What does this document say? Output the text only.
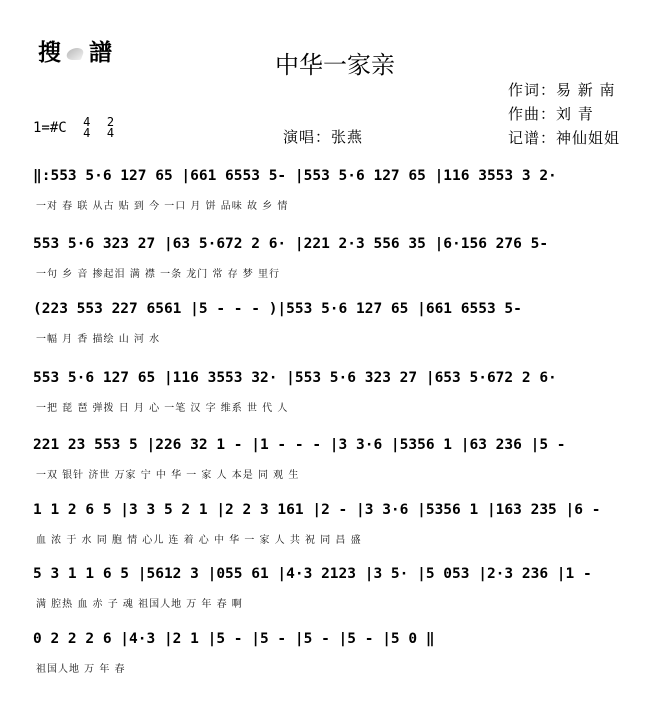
搜 譜	中华一家亲
作词：易 新 南
作曲：刘 青
记谱：神仙姐姐
1=#C 4
4 2
4	演唱：张燕
‖:553 5·6 127 65 |661 6553 5- |553 5·6 127 65 |116 3553 3 2·
一对 春 联 从古 贴 到 今 一口 月 饼 品味 故 乡 情
553 5·6 323 27 |63 5·672 2 6· |221 2·3 556 35 |6·156 276 5-
一句 乡 音 掺起泪 满 襟 一条 龙门 常 存 梦 里行
(223 553 227 6561 |5 - - - )|553 5·6 127 65 |661 6553 5-
一幅 月 香 描绘 山 河 水
553 5·6 127 65 |116 3553 32· |553 5·6 323 27 |653 5·672 2 6·
一把 琵 琶 弹拨 日 月 心 一笔 汉 字 维系 世 代 人
221 23 553 5 |226 32 1 - |1 - - - |3 3·6 |5356 1 |63 236 |5 -
一双 银针 济世 万家 宁 中 华 一 家 人 本是 同 观 生
1 1 2 6 5 |3 3 5 2 1 |2 2 3 161 |2 - |3 3·6 |5356 1 |163 235 |6 -
血 浓 于 水 同 胞 情 心儿 连 着 心 中 华 一 家 人 共 祝 同 昌 盛
5 3 1 1 6 5 |5612 3 |055 61 |4·3 2123 |3 5· |5 053 |2·3 236 |1 -
满 腔热 血 赤 子 魂 祖国人地 万 年 春 啊
0 2 2 2 6 |4·3 |2 1 |5 - |5 - |5 - |5 - |5 0 ‖
祖国人地 万 年 春
